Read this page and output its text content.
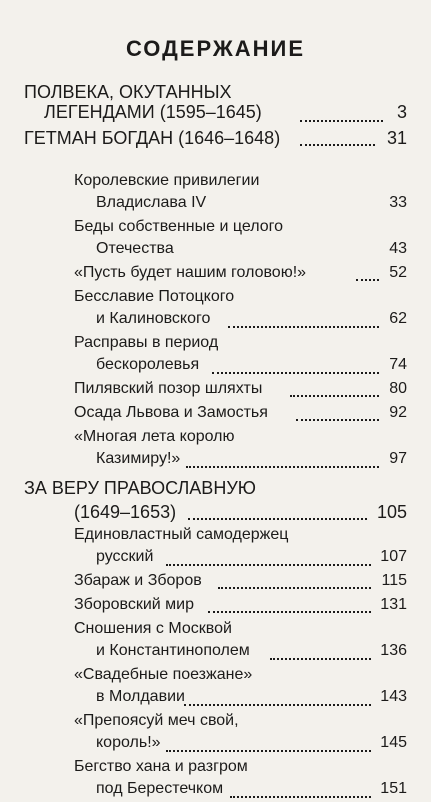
СОДЕРЖАНИЕ
ПОЛВЕКА, ОКУТАННЫХ
ЛЕГЕНДАМИ (1595–1645)	3
ГЕТМАН БОГДАН (1646–1648)	31
Королевские привилегии
Владислава IV	33
Беды собственные и целого
Отечества	43
«Пусть будет нашим головою!»	52
Бесславие Потоцкого
и Калиновского	62
Расправы в период
бескоролевья	74
Пилявский позор шляхты	80
Осада Львова и Замостья	92
«Многая лета королю
Казимиру!»	97
ЗА ВЕРУ ПРАВОСЛАВНУЮ
(1649–1653)	105
Единовластный самодержец
русский	107
Збараж и Зборов	115
Зборовский мир	131
Сношения с Москвой
и Константинополем	136
«Свадебные поезжане»
в Молдавии	143
«Препоясуй меч свой,
король!»	145
Бегство хана и разгром
под Берестечком	151
